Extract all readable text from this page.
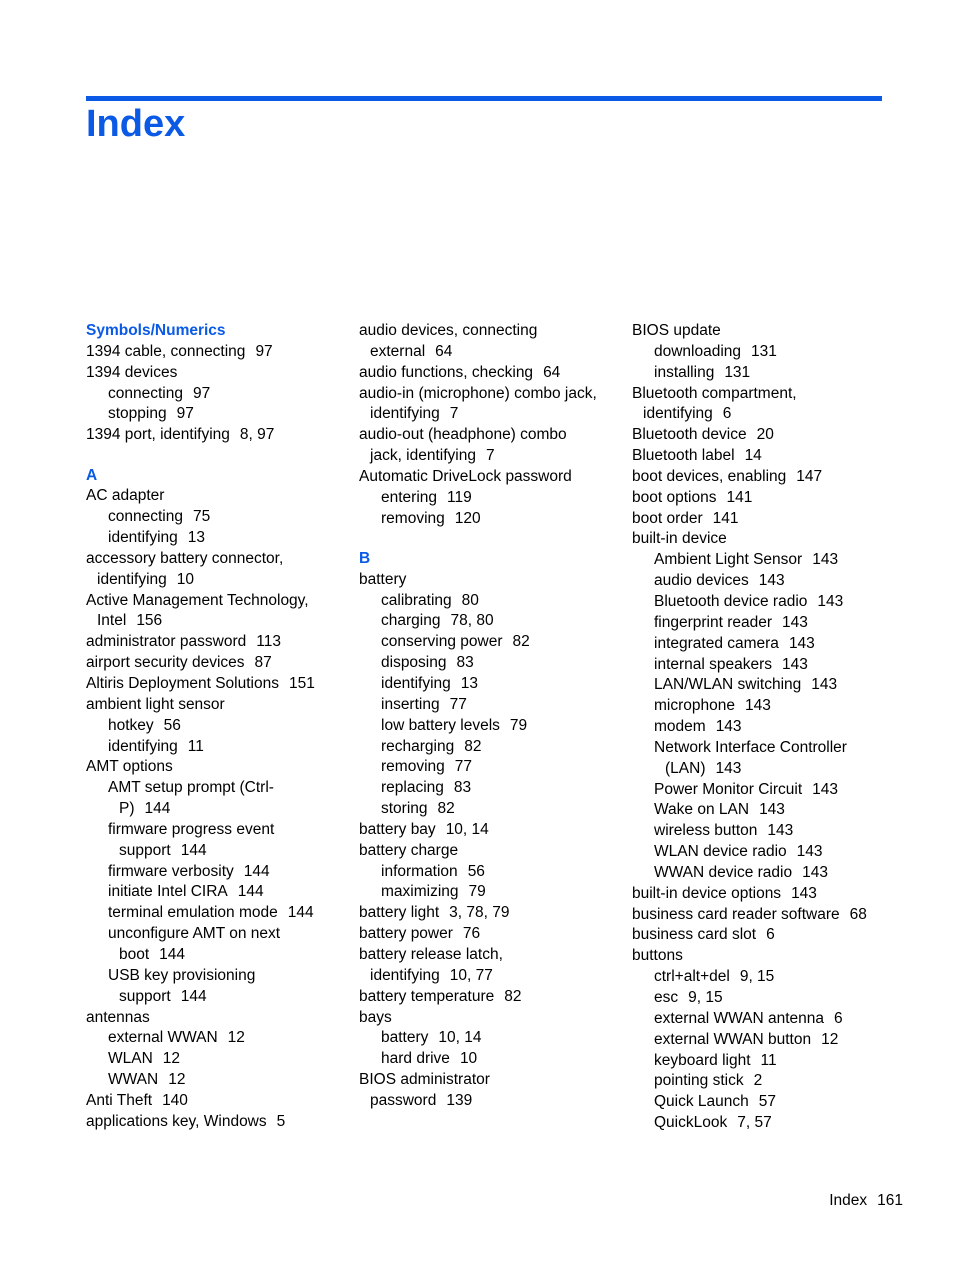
Index
Symbols/Numerics
1394 cable, connecting 97
1394 devices
connecting 97
stopping 97
1394 port, identifying 8, 97
A
AC adapter
connecting 75
identifying 13
accessory battery connector,
identifying 10
Active Management Technology,
Intel 156
administrator password 113
airport security devices 87
Altiris Deployment Solutions 151
ambient light sensor
hotkey 56
identifying 11
AMT options
AMT setup prompt (Ctrl-
P) 144
firmware progress event
support 144
firmware verbosity 144
initiate Intel CIRA 144
terminal emulation mode 144
unconfigure AMT on next
boot 144
USB key provisioning
support 144
antennas
external WWAN 12
WLAN 12
WWAN 12
Anti Theft 140
applications key, Windows 5
audio devices, connecting
external 64
audio functions, checking 64
audio-in (microphone) combo jack,
identifying 7
audio-out (headphone) combo
jack, identifying 7
Automatic DriveLock password
entering 119
removing 120
B
battery
calibrating 80
charging 78, 80
conserving power 82
disposing 83
identifying 13
inserting 77
low battery levels 79
recharging 82
removing 77
replacing 83
storing 82
battery bay 10, 14
battery charge
information 56
maximizing 79
battery light 3, 78, 79
battery power 76
battery release latch,
identifying 10, 77
battery temperature 82
bays
battery 10, 14
hard drive 10
BIOS administrator
password 139
BIOS update
downloading 131
installing 131
Bluetooth compartment,
identifying 6
Bluetooth device 20
Bluetooth label 14
boot devices, enabling 147
boot options 141
boot order 141
built-in device
Ambient Light Sensor 143
audio devices 143
Bluetooth device radio 143
fingerprint reader 143
integrated camera 143
internal speakers 143
LAN/WLAN switching 143
microphone 143
modem 143
Network Interface Controller
(LAN) 143
Power Monitor Circuit 143
Wake on LAN 143
wireless button 143
WLAN device radio 143
WWAN device radio 143
built-in device options 143
business card reader software 68
business card slot 6
buttons
ctrl+alt+del 9, 15
esc 9, 15
external WWAN antenna 6
external WWAN button 12
keyboard light 11
pointing stick 2
Quick Launch 57
QuickLook 7, 57
Index 161
